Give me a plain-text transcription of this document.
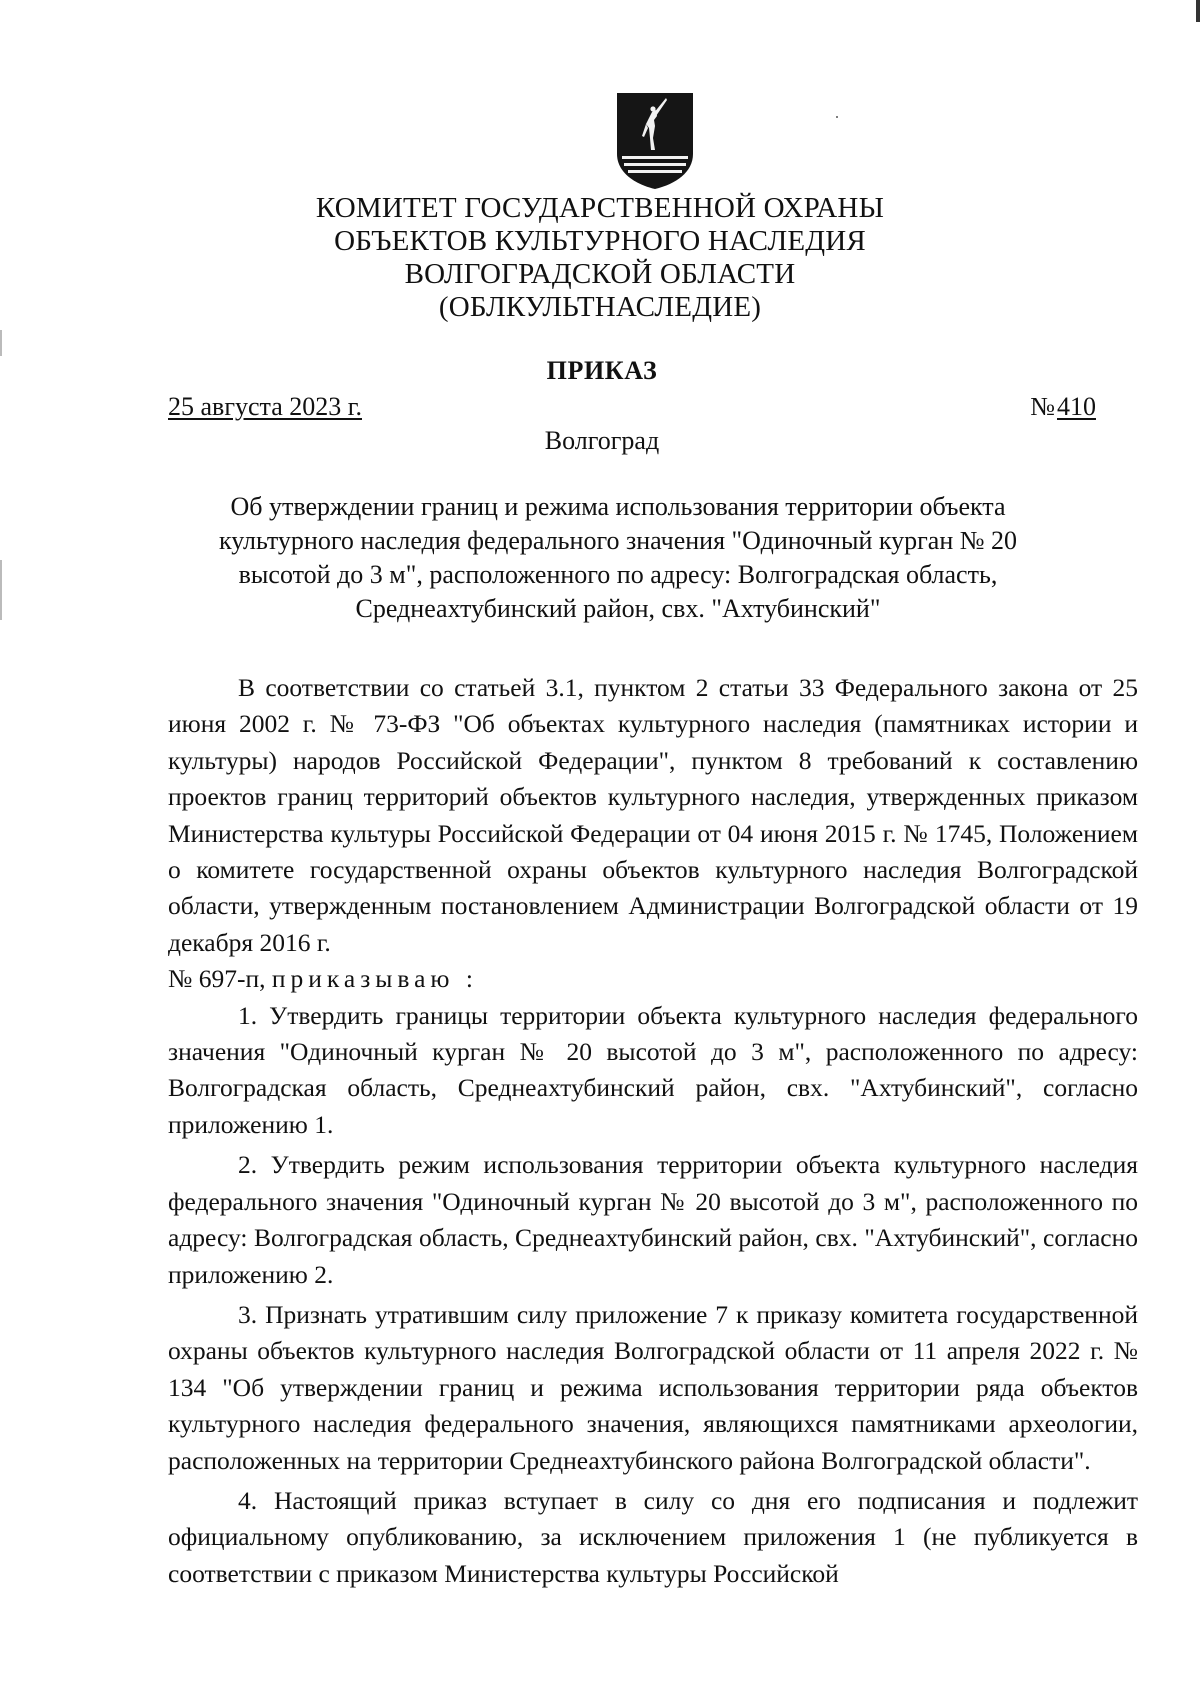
КОМИТЕТ ГОСУДАРСТВЕННОЙ ОХРАНЫ
ОБЪЕКТОВ КУЛЬТУРНОГО НАСЛЕДИЯ
ВОЛГОГРАДСКОЙ ОБЛАСТИ
(ОБЛКУЛЬТНАСЛЕДИЕ)
ПРИКАЗ
25 августа 2023 г.	№410
Волгоград
Об утверждении границ и режима использования территории объекта
культурного наследия федерального значения "Одиночный курган № 20
высотой до 3 м", расположенного по адресу: Волгоградская область,
Среднеахтубинский район, свх. "Ахтубинский"

В соответствии со статьей 3.1, пунктом 2 статьи 33 Федерального закона от 25 июня 2002 г. № 73-ФЗ "Об объектах культурного наследия (памятниках истории и культуры) народов Российской Федерации", пунктом 8 требований к составлению проектов границ территорий объектов культурного наследия, утвержденных приказом Министерства культуры Российской Федерации от 04 июня 2015 г. № 1745, Положением о комитете государственной охраны объектов культурного наследия Волгоградской области, утвержденным постановлением Администрации Волгоградской области от 19 декабря 2016 г.

№ 697-п, приказываю :

1. Утвердить границы территории объекта культурного наследия федерального значения "Одиночный курган № 20 высотой до 3 м", расположенного по адресу: Волгоградская область, Среднеахтубинский район, свх. "Ахтубинский", согласно приложению 1.

2. Утвердить режим использования территории объекта культурного наследия федерального значения "Одиночный курган № 20 высотой до 3 м", расположенного по адресу: Волгоградская область, Среднеахтубинский район, свх. "Ахтубинский", согласно приложению 2.

3. Признать утратившим силу приложение 7 к приказу комитета государственной охраны объектов культурного наследия Волгоградской области от 11 апреля 2022 г. № 134 "Об утверждении границ и режима использования территории ряда объектов культурного наследия федерального значения, являющихся памятниками археологии, расположенных на территории Среднеахтубинского района Волгоградской области".

4. Настоящий приказ вступает в силу со дня его подписания и подлежит официальному опубликованию, за исключением приложения 1 (не публикуется в соответствии с приказом Министерства культуры Российской
